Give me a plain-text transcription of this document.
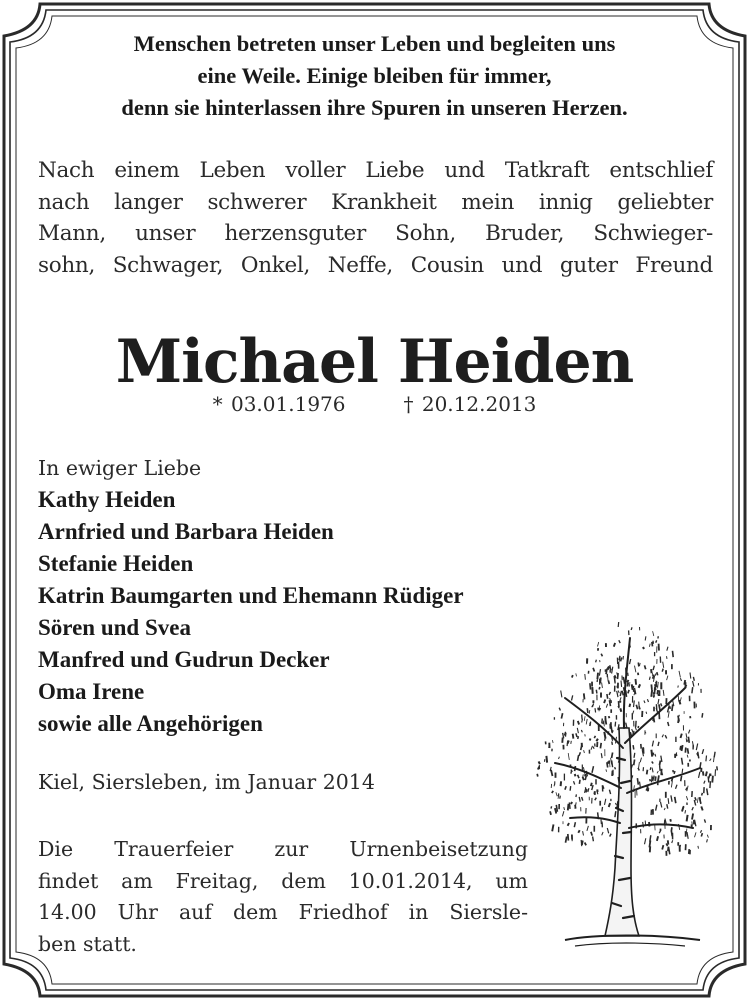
Menschen betreten unser Leben und begleiten uns
eine Weile. Einige bleiben für immer,
denn sie hinterlassen ihre Spuren in unseren Herzen.
Nach einem Leben voller Liebe und Tatkraft entschlief
nach langer schwerer Krankheit mein innig geliebter
Mann, unser herzensguter Sohn, Bruder, Schwieger-
sohn, Schwager, Onkel, Neffe, Cousin und guter Freund
Michael Heiden
* 03.01.1976	† 20.12.2013
In ewiger Liebe
Kathy Heiden
Arnfried und Barbara Heiden
Stefanie Heiden
Katrin Baumgarten und Ehemann Rüdiger
Sören und Svea
Manfred und Gudrun Decker
Oma Irene
sowie alle Angehörigen
Kiel, Siersleben, im Januar 2014
Die Trauerfeier zur Urnenbeisetzung
findet am Freitag, dem 10.01.2014, um
14.00 Uhr auf dem Friedhof in Siersle-
ben statt.
